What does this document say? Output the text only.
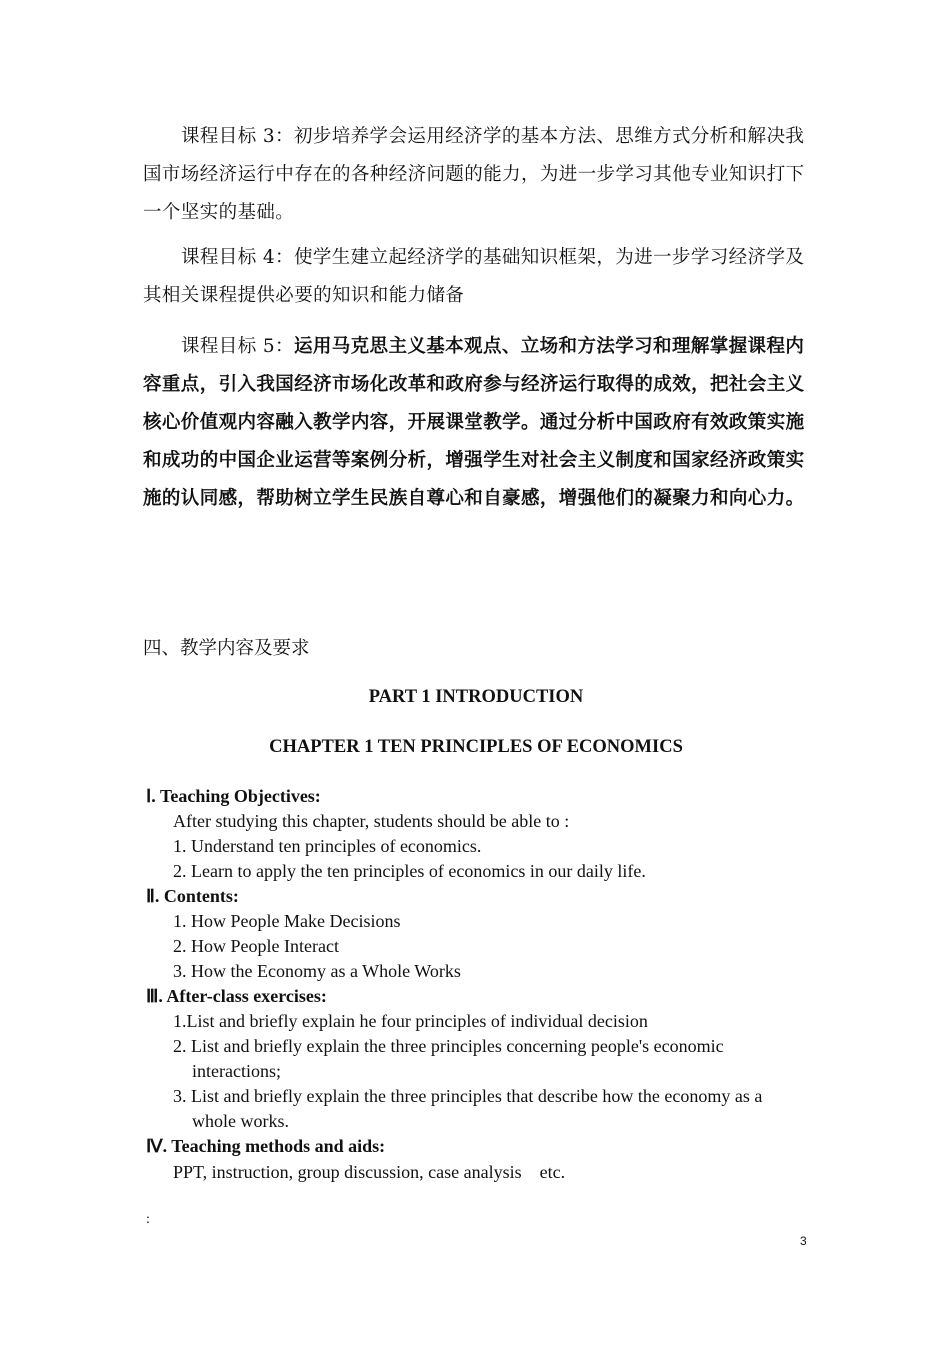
课程目标 3：初步培养学会运用经济学的基本方法、思维方式分析和解决我国市场经济运行中存在的各种经济问题的能力，为进一步学习其他专业知识打下一个坚实的基础。

课程目标 4：使学生建立起经济学的基础知识框架，为进一步学习经济学及其相关课程提供必要的知识和能力储备

课程目标 5：运用马克思主义基本观点、立场和方法学习和理解掌握课程内容重点，引入我国经济市场化改革和政府参与经济运行取得的成效，把社会主义核心价值观内容融入教学内容，开展课堂教学。通过分析中国政府有效政策实施和成功的中国企业运营等案例分析，增强学生对社会主义制度和国家经济政策实施的认同感，帮助树立学生民族自尊心和自豪感，增强他们的凝聚力和向心力。

四、教学内容及要求

PART 1 INTRODUCTION

CHAPTER 1 TEN PRINCIPLES OF ECONOMICS

Ⅰ. Teaching Objectives:
After studying this chapter, students should be able to :
1. Understand ten principles of economics.
2. Learn to apply the ten principles of economics in our daily life.
Ⅱ. Contents:
1. How People Make Decisions
2. How People Interact
3. How the Economy as a Whole Works
Ⅲ. After-class exercises:
1.List and briefly explain he four principles of individual decision
2. List and briefly explain the three principles concerning people's economic
interactions;
3. List and briefly explain the three principles that describe how the economy as a
whole works.
Ⅳ. Teaching methods and aids:
PPT, instruction, group discussion, case analysis    etc.
:
3
